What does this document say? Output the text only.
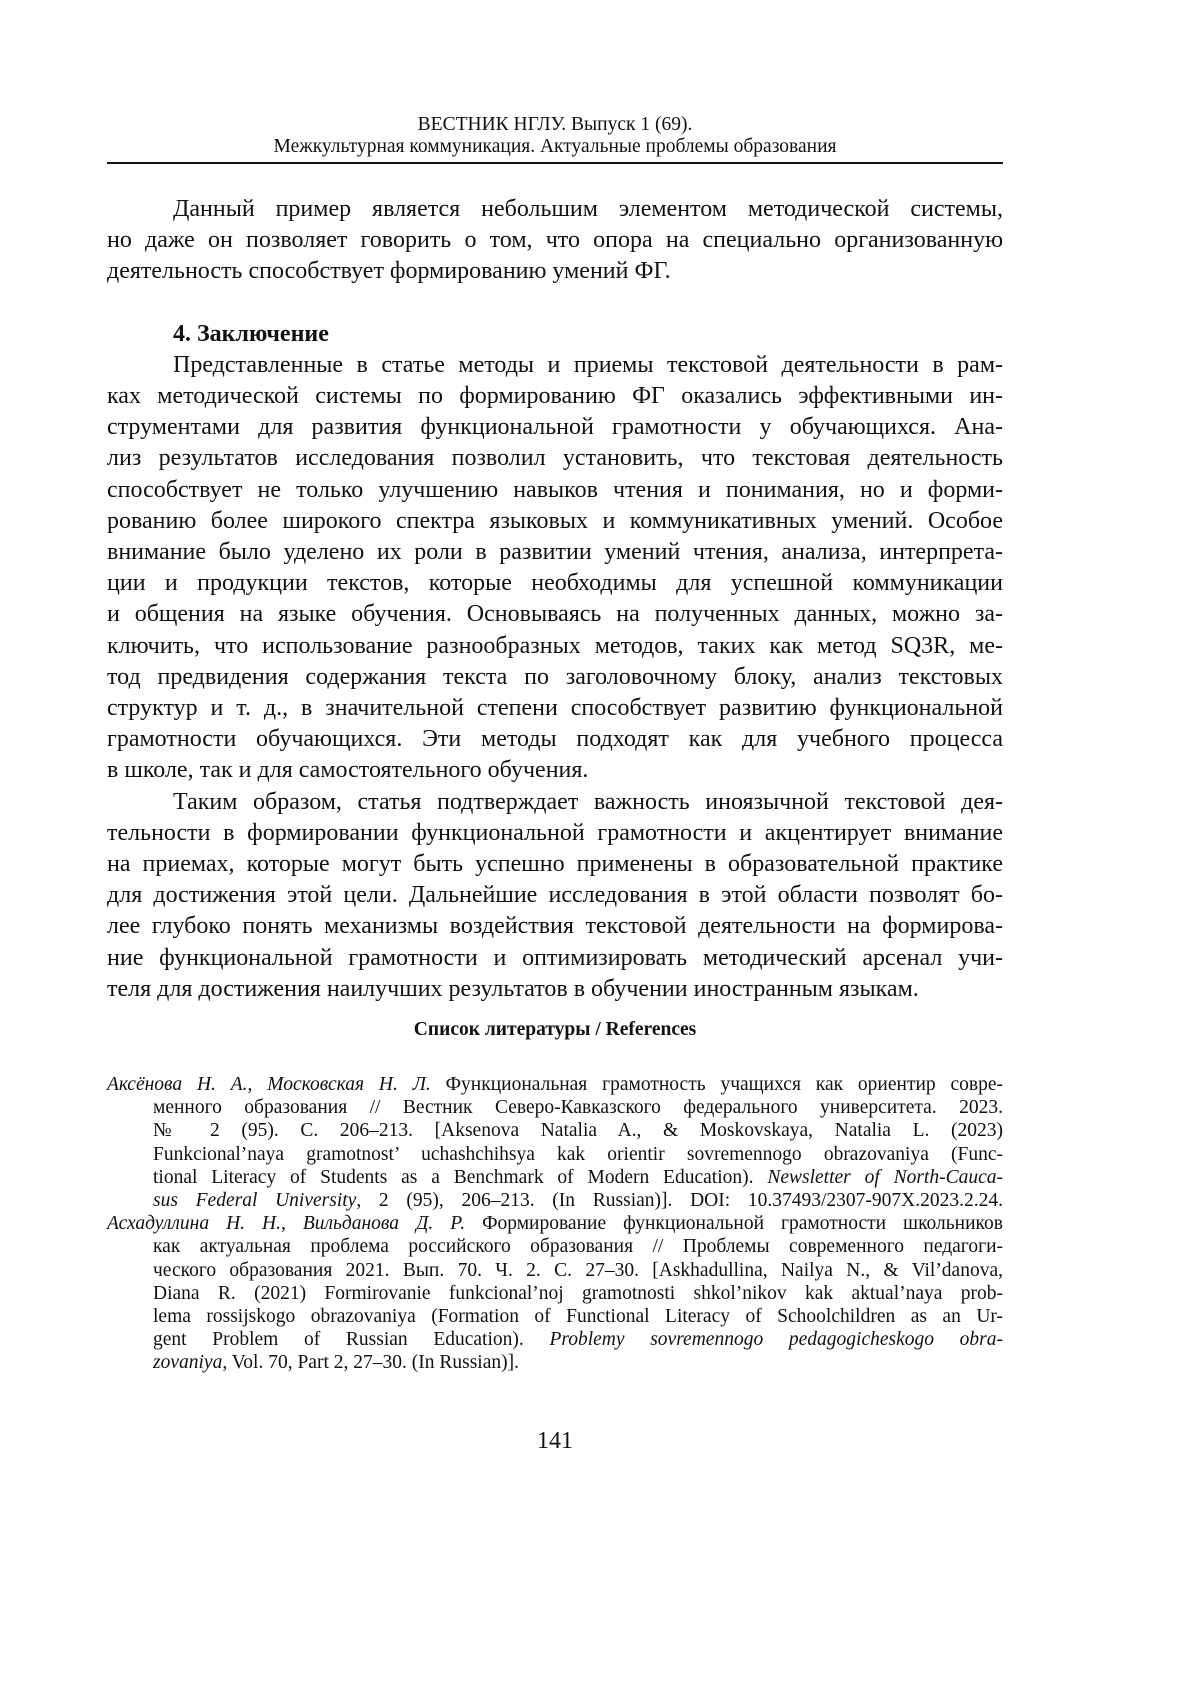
ВЕСТНИК НГЛУ. Выпуск 1 (69).
Межкультурная коммуникация. Актуальные проблемы образования
Данный пример является небольшим элементом методической системы,
но даже он позволяет говорить о том, что опора на специально организованную
деятельность способствует формированию умений ФГ.
4. Заключение
Представленные в статье методы и приемы текстовой деятельности в рам-
ках методической системы по формированию ФГ оказались эффективными ин-
струментами для развития функциональной грамотности у обучающихся. Ана-
лиз результатов исследования позволил установить, что текстовая деятельность
способствует не только улучшению навыков чтения и понимания, но и форми-
рованию более широкого спектра языковых и коммуникативных умений. Особое
внимание было уделено их роли в развитии умений чтения, анализа, интерпрета-
ции и продукции текстов, которые необходимы для успешной коммуникации
и общения на языке обучения. Основываясь на полученных данных, можно за-
ключить, что использование разнообразных методов, таких как метод SQ3R, ме-
тод предвидения содержания текста по заголовочному блоку, анализ текстовых
структур и т. д., в значительной степени способствует развитию функциональной
грамотности обучающихся. Эти методы подходят как для учебного процесса
в школе, так и для самостоятельного обучения.
Таким образом, статья подтверждает важность иноязычной текстовой дея-
тельности в формировании функциональной грамотности и акцентирует внимание
на приемах, которые могут быть успешно применены в образовательной практике
для достижения этой цели. Дальнейшие исследования в этой области позволят бо-
лее глубоко понять механизмы воздействия текстовой деятельности на формирова-
ние функциональной грамотности и оптимизировать методический арсенал учи-
теля для достижения наилучших результатов в обучении иностранным языкам.
Список литературы / References
Аксёнова Н. А., Московская Н. Л. Функциональная грамотность учащихся как ориентир совре-
менного образования // Вестник Северо-Кавказского федерального университета. 2023.
№ 2 (95). С. 206–213. [Aksenova Natalia A., & Moskovskaya, Natalia L. (2023)
Funkcional’naya gramotnost’ uchashchihsya kak orientir sovremennogo obrazovaniya (Func-
tional Literacy of Students as a Benchmark of Modern Education). Newsletter of North-Cauca-
sus Federal University, 2 (95), 206–213. (In Russian)]. DOI: 10.37493/2307-907X.2023.2.24.
Асхадуллина Н. Н., Вильданова Д. Р. Формирование функциональной грамотности школьников
как актуальная проблема российского образования // Проблемы современного педагоги-
ческого образования 2021. Вып. 70. Ч. 2. С. 27–30. [Askhadullina, Nailya N., & Vil’danova,
Diana R. (2021) Formirovanie funkcional’noj gramotnosti shkol’nikov kak aktual’naya prob-
lema rossijskogo obrazovaniya (Formation of Functional Literacy of Schoolchildren as an Ur-
gent Problem of Russian Education). Problemy sovremennogo pedagogicheskogo obra-
zovaniya, Vol. 70, Part 2, 27–30. (In Russian)].
141
